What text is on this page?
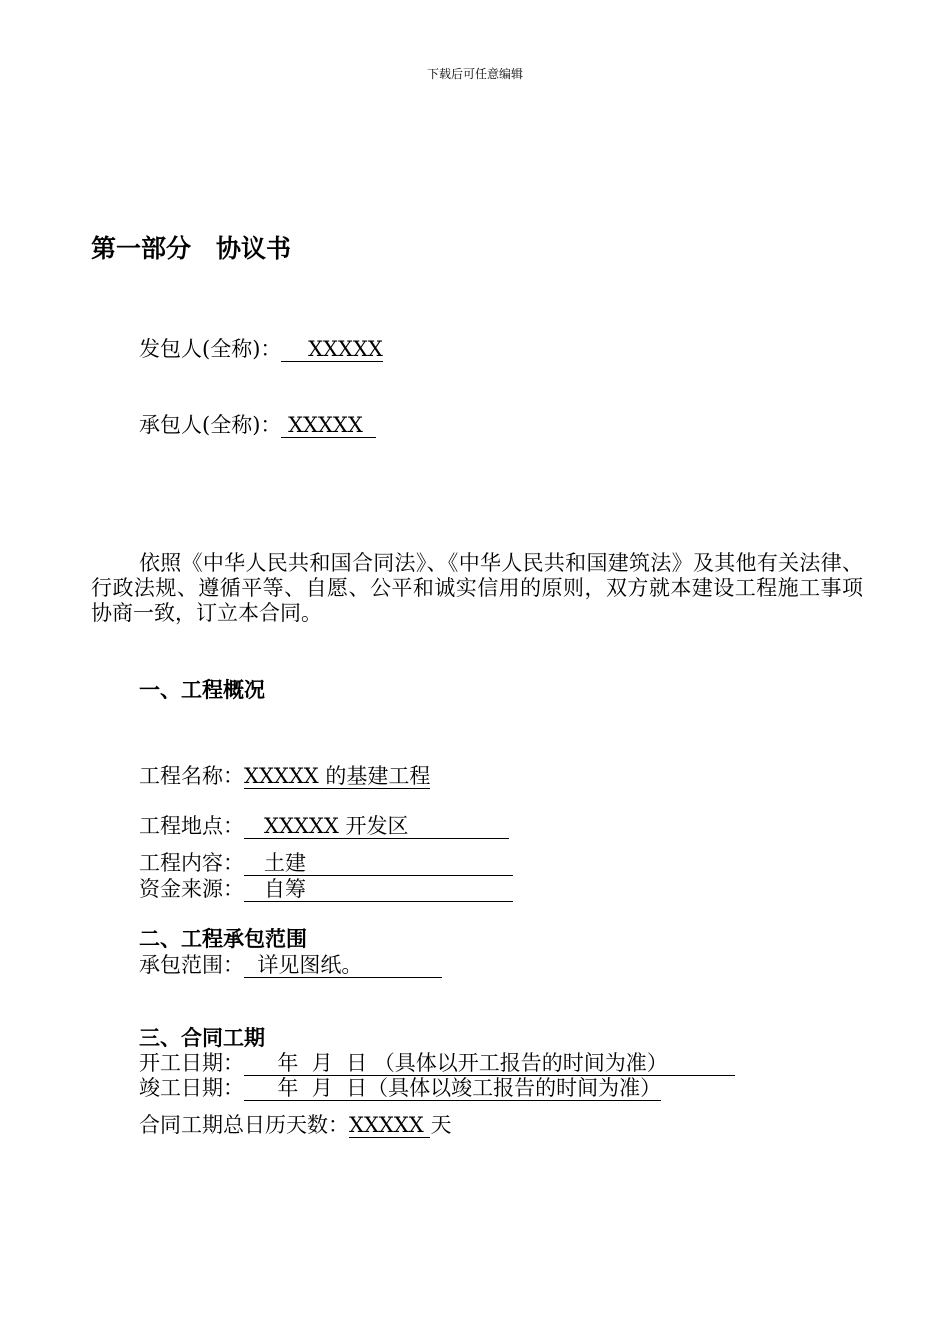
下载后可任意编辑
第一部分　协议书
发包人(全称)：    XXXXX
承包人(全称)： XXXXX
依照《中华人民共和国合同法》、《中华人民共和国建筑法》及其他有关法律、行政法规、遵循平等、自愿、公平和诚实信用的原则，双方就本建设工程施工事项协商一致，订立本合同。
一、工程概况
工程名称：XXXXX 的基建工程
工程地点：   XXXXX 开发区
工程内容：   土建
资金来源：   自筹
二、工程承包范围
承包范围：  详见图纸。
三、合同工期
开工日期：     年  月  日 （具体以开工报告的时间为准）
竣工日期：     年  月  日（具体以竣工报告的时间为准）
合同工期总日历天数：XXXXX 天
